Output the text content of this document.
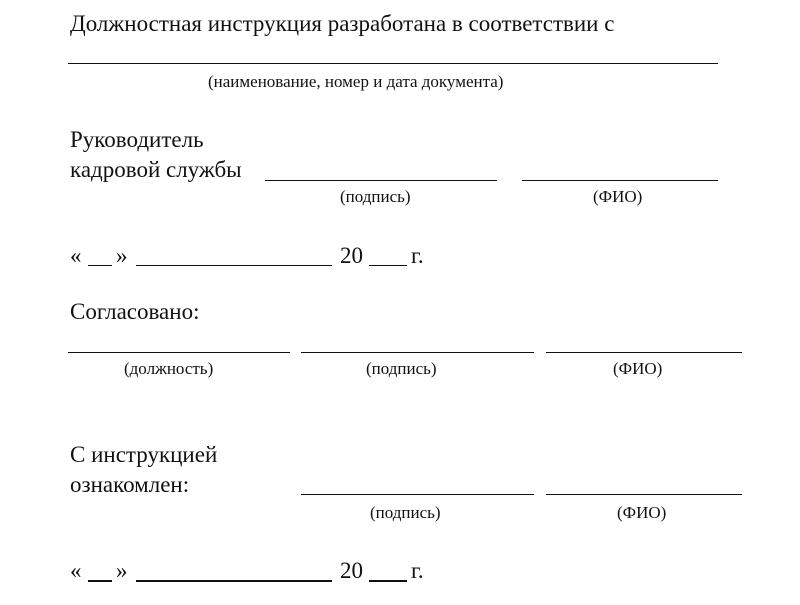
Должностная инструкция разработана в соответствии с
(наименование, номер и дата документа)
Руководитель
кадровой службы
(подпись)	(ФИО)
« »	20 г.
Согласовано:
(должность)	(подпись)	(ФИО)
С инструкцией
ознакомлен:
(подпись)	(ФИО)
« »	20 г.
